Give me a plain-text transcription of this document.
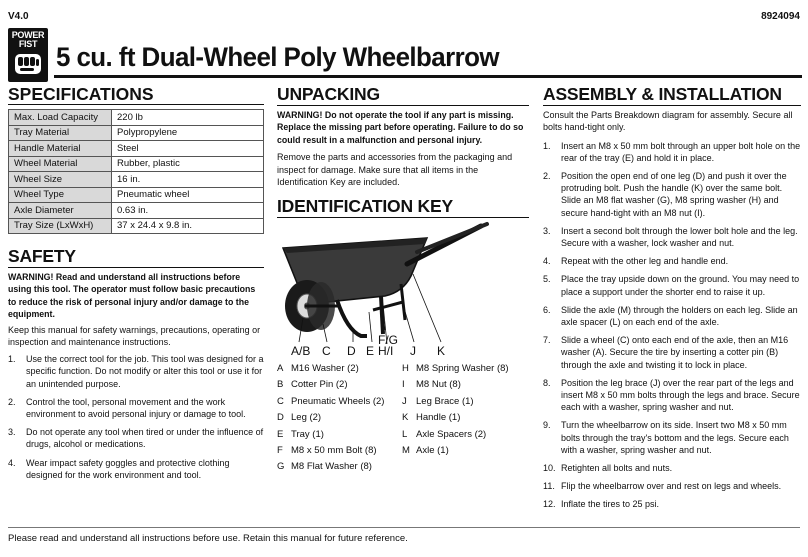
V4.0	8924094
POWER
FIST 5 cu. ft Dual-Wheel Poly Wheelbarrow
SPECIFICATIONS
Max. Load Capacity	220 lb
Tray Material	Polypropylene
Handle Material	Steel
Wheel Material	Rubber, plastic
Wheel Size	16 in.
Wheel Type	Pneumatic wheel
Axle Diameter	0.63 in.
Tray Size (LxWxH)	37 x 24.4 x 9.8 in.
SAFETY

WARNING! Read and understand all instructions before using this tool. The operator must follow basic precautions to reduce the risk of personal injury and/or damage to the equipment.

Keep this manual for safety warnings, precautions, operating or inspection and maintenance instructions.

1.	Use the correct tool for the job. This tool was designed for a specific function. Do not modify or alter this tool or use it for an unintended purpose.
2.	Control the tool, personal movement and the work environment to avoid personal injury or damage to tool.
3.	Do not operate any tool when tired or under the influence of drugs, alcohol or medications.
4.	Wear impact safety goggles and protective clothing designed for the work environment and tool.
UNPACKING

WARNING! Do not operate the tool if any part is missing. Replace the missing part before operating. Failure to do so could result in a malfunction and personal injury.

Remove the parts and accessories from the packaging and inspect for damage. Make sure that all items in the Identification Key are included.

IDENTIFICATION KEY
A/B C D E
F/G
H/I J K
A M16 Washer (2)
B Cotter Pin (2)
C Pneumatic Wheels (2)
D Leg (2)
E Tray (1)
F M8 x 50 mm Bolt (8)
G M8 Flat Washer (8)
H M8 Spring Washer (8)
I	M8 Nut (8)
J Leg Brace (1)
K Handle (1)
L Axle Spacers (2)
M Axle (1)
ASSEMBLY & INSTALLATION

Consult the Parts Breakdown diagram for assembly. Secure all bolts hand-tight only.

1.	Insert an M8 x 50 mm bolt through an upper bolt hole on the rear of the tray (E) and hold it in place.
2.	Position the open end of one leg (D) and push it over the protruding bolt. Push the handle (K) over the same bolt. Slide an M8 flat washer (G), M8 spring washer (H) and secure hand-tight with an M8 nut (I).
3.	Insert a second bolt through the lower bolt hole and the leg. Secure with a washer, lock washer and nut.
4.	Repeat with the other leg and handle end.
5.	Place the tray upside down on the ground. You may need to place a support under the shorter end to raise it up.
6.	Slide the axle (M) through the holders on each leg. Slide an axle spacer (L) on each end of the axle.
7.	Slide a wheel (C) onto each end of the axle, then an M16 washer (A). Secure the tire by inserting a cotter pin (B) through the axle and twisting it to lock in place.
8.	Position the leg brace (J) over the rear part of the legs and insert M8 x 50 mm bolts through the legs and brace. Secure each with a washer, spring washer and nut.
9.	Turn the wheelbarrow on its side. Insert two M8 x 50 mm bolts through the tray's bottom and the legs. Secure each with a washer, spring washer and nut.
10. Retighten all bolts and nuts.
11. Flip the wheelbarrow over and rest on legs and wheels.
12. Inflate the tires to 25 psi.
Please read and understand all instructions before use. Retain this manual for future reference.
